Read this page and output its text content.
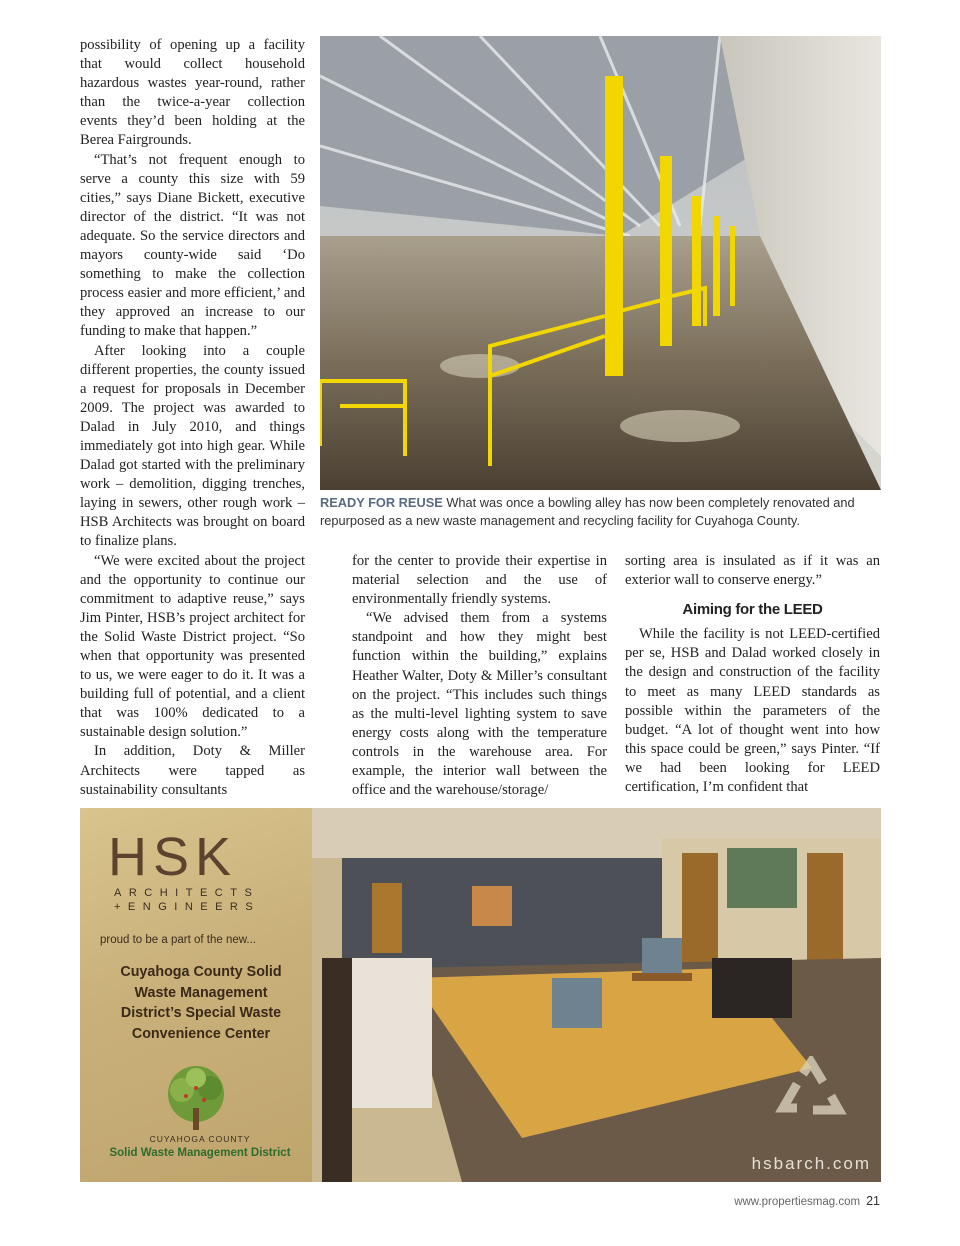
possibility of opening up a facility that would collect household hazardous wastes year-round, rather than the twice-a-year collection events they’d been holding at the Berea Fairgrounds.

“That’s not frequent enough to serve a county this size with 59 cities,” says Diane Bickett, executive director of the district. “It was not adequate. So the service directors and mayors county-wide said ‘Do something to make the collection process easier and more efficient,’ and they approved an increase to our funding to make that happen.”

After looking into a couple different properties, the county issued a request for proposals in December 2009. The project was awarded to Dalad in July 2010, and things immediately got into high gear. While Dalad got started with the preliminary work – demolition, digging trenches, laying in sewers, other rough work – HSB Architects was brought on board to finalize plans.

“We were excited about the project and the opportunity to continue our commitment to adaptive reuse,” says Jim Pinter, HSB’s project architect for the Solid Waste District project. “So when that opportunity was presented to us, we were eager to do it. It was a building full of potential, and a client that was 100% dedicated to a sustainable design solution.”

In addition, Doty & Miller Architects were tapped as sustainability consultants

READY FOR REUSE What was once a bowling alley has now been completely renovated and repurposed as a new waste management and recycling facility for Cuyahoga County.

for the center to provide their expertise in material selection and the use of environmentally friendly systems.

“We advised them from a systems standpoint and how they might best function within the building,” explains Heather Walter, Doty & Miller’s consultant on the project. “This includes such things as the multi-level lighting system to save energy costs along with the temperature controls in the warehouse area. For example, the interior wall between the office and the warehouse/storage/

sorting area is insulated as if it was an exterior wall to conserve energy.”

Aiming for the LEED

While the facility is not LEED-certified per se, HSB and Dalad worked closely in the design and construction of the facility to meet as many LEED standards as possible within the parameters of the budget. “A lot of thought went into how this space could be green,” says Pinter. “If we had been looking for LEED certification, I’m confident that

HSK
ARCHITECTS
+ENGINEERS
proud to be a part of the new...
Cuyahoga County Solid
Waste Management
District’s Special Waste
Convenience Center
CUYAHOGA COUNTY
Solid Waste Management District
hsbarch.com
www.propertiesmag.com 21
